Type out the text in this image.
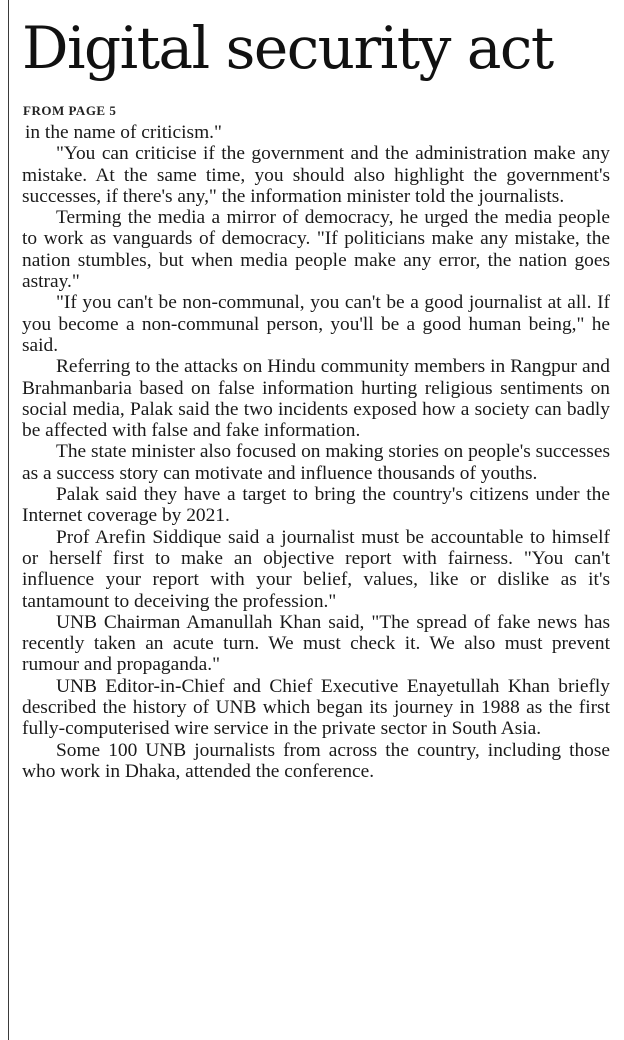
Digital security act
FROM PAGE 5

in the name of criticism."

"You can criticise if the government and the administration make any mistake. At the same time, you should also highlight the government's successes, if there's any," the information minister told the journalists.

Terming the media a mirror of democracy, he urged the media people to work as vanguards of democracy. "If politicians make any mistake, the nation stumbles, but when media people make any error, the nation goes astray."

"If you can't be non-communal, you can't be a good journalist at all. If you become a non-communal person, you'll be a good human being," he said.

Referring to the attacks on Hindu community members in Rangpur and Brahmanbaria based on false information hurting religious sentiments on social media, Palak said the two incidents exposed how a society can badly be affected with false and fake information.

The state minister also focused on making stories on people's successes as a success story can motivate and influence thousands of youths.

Palak said they have a target to bring the country's citizens under the Internet coverage by 2021.

Prof Arefin Siddique said a journalist must be accountable to himself or herself first to make an objective report with fairness. "You can't influence your report with your belief, values, like or dislike as it's tantamount to deceiving the profession."

UNB Chairman Amanullah Khan said, "The spread of fake news has recently taken an acute turn. We must check it. We also must prevent rumour and propaganda."

UNB Editor-in-Chief and Chief Executive Enayetullah Khan briefly described the history of UNB which began its journey in 1988 as the first fully-computerised wire service in the private sector in South Asia.

Some 100 UNB journalists from across the country, including those who work in Dhaka, attended the conference.
